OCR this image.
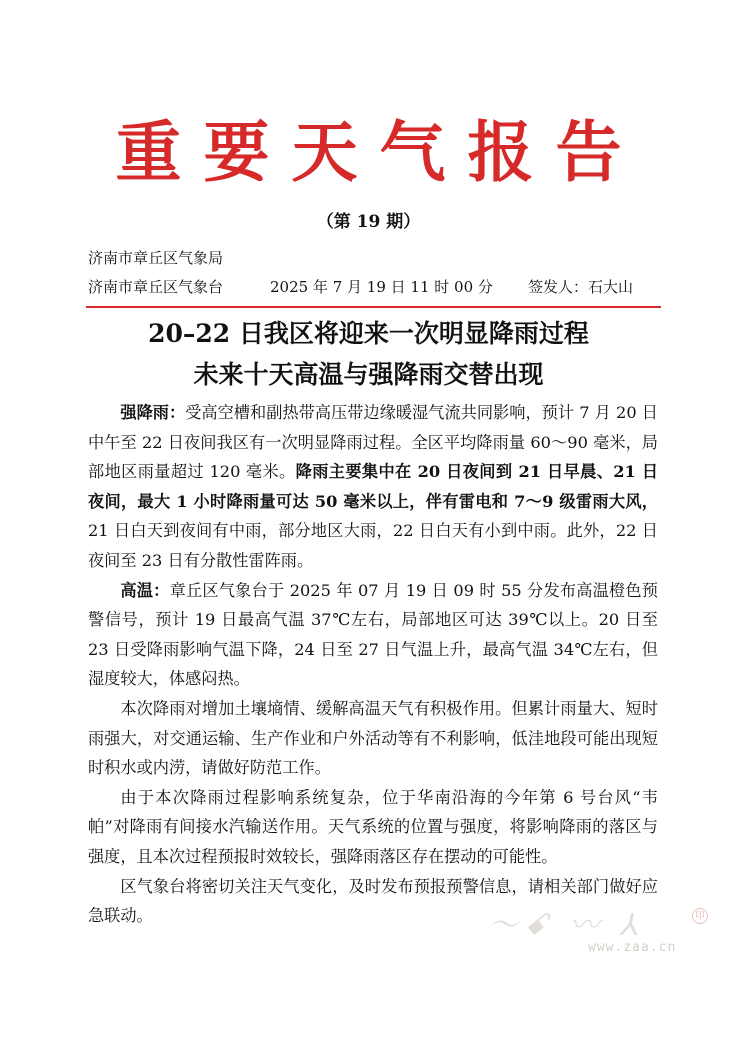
重要天气报告
（第 19 期）
济南市章丘区气象局
济南市章丘区气象台	2025 年 7 月 19 日 11 时 00 分 签发人：石大山
20–22 日我区将迎来一次明显降雨过程
未来十天高温与强降雨交替出现

强降雨：受高空槽和副热带高压带边缘暖湿气流共同影响，预计 7 月 20 日中午至 22 日夜间我区有一次明显降雨过程。全区平均降雨量 60～90 毫米，局部地区雨量超过 120 毫米。降雨主要集中在 20 日夜间到 21 日早晨、21 日夜间，最大 1 小时降雨量可达 50 毫米以上，伴有雷电和 7～9 级雷雨大风，21 日白天到夜间有中雨，部分地区大雨，22 日白天有小到中雨。此外，22 日夜间至 23 日有分散性雷阵雨。

高温：章丘区气象台于 2025 年 07 月 19 日 09 时 55 分发布高温橙色预警信号，预计 19 日最高气温 37℃左右，局部地区可达 39℃以上。20 日至 23 日受降雨影响气温下降，24 日至 27 日气温上升，最高气温 34℃左右，但湿度较大，体感闷热。

本次降雨对增加土壤墒情、缓解高温天气有积极作用。但累计雨量大、短时雨强大，对交通运输、生产作业和户外活动等有不利影响，低洼地段可能出现短时积水或内涝，请做好防范工作。

由于本次降雨过程影响系统复杂，位于华南沿海的今年第 6 号台风“韦帕”对降雨有间接水汽输送作用。天气系统的位置与强度，将影响降雨的落区与强度，且本次过程预报时效较长，强降雨落区存在摆动的可能性。

区气象台将密切关注天气变化，及时发布预报预警信息，请相关部门做好应急联动。	〜ꗃ 〰 ⅄	印
www.zaa.cn
